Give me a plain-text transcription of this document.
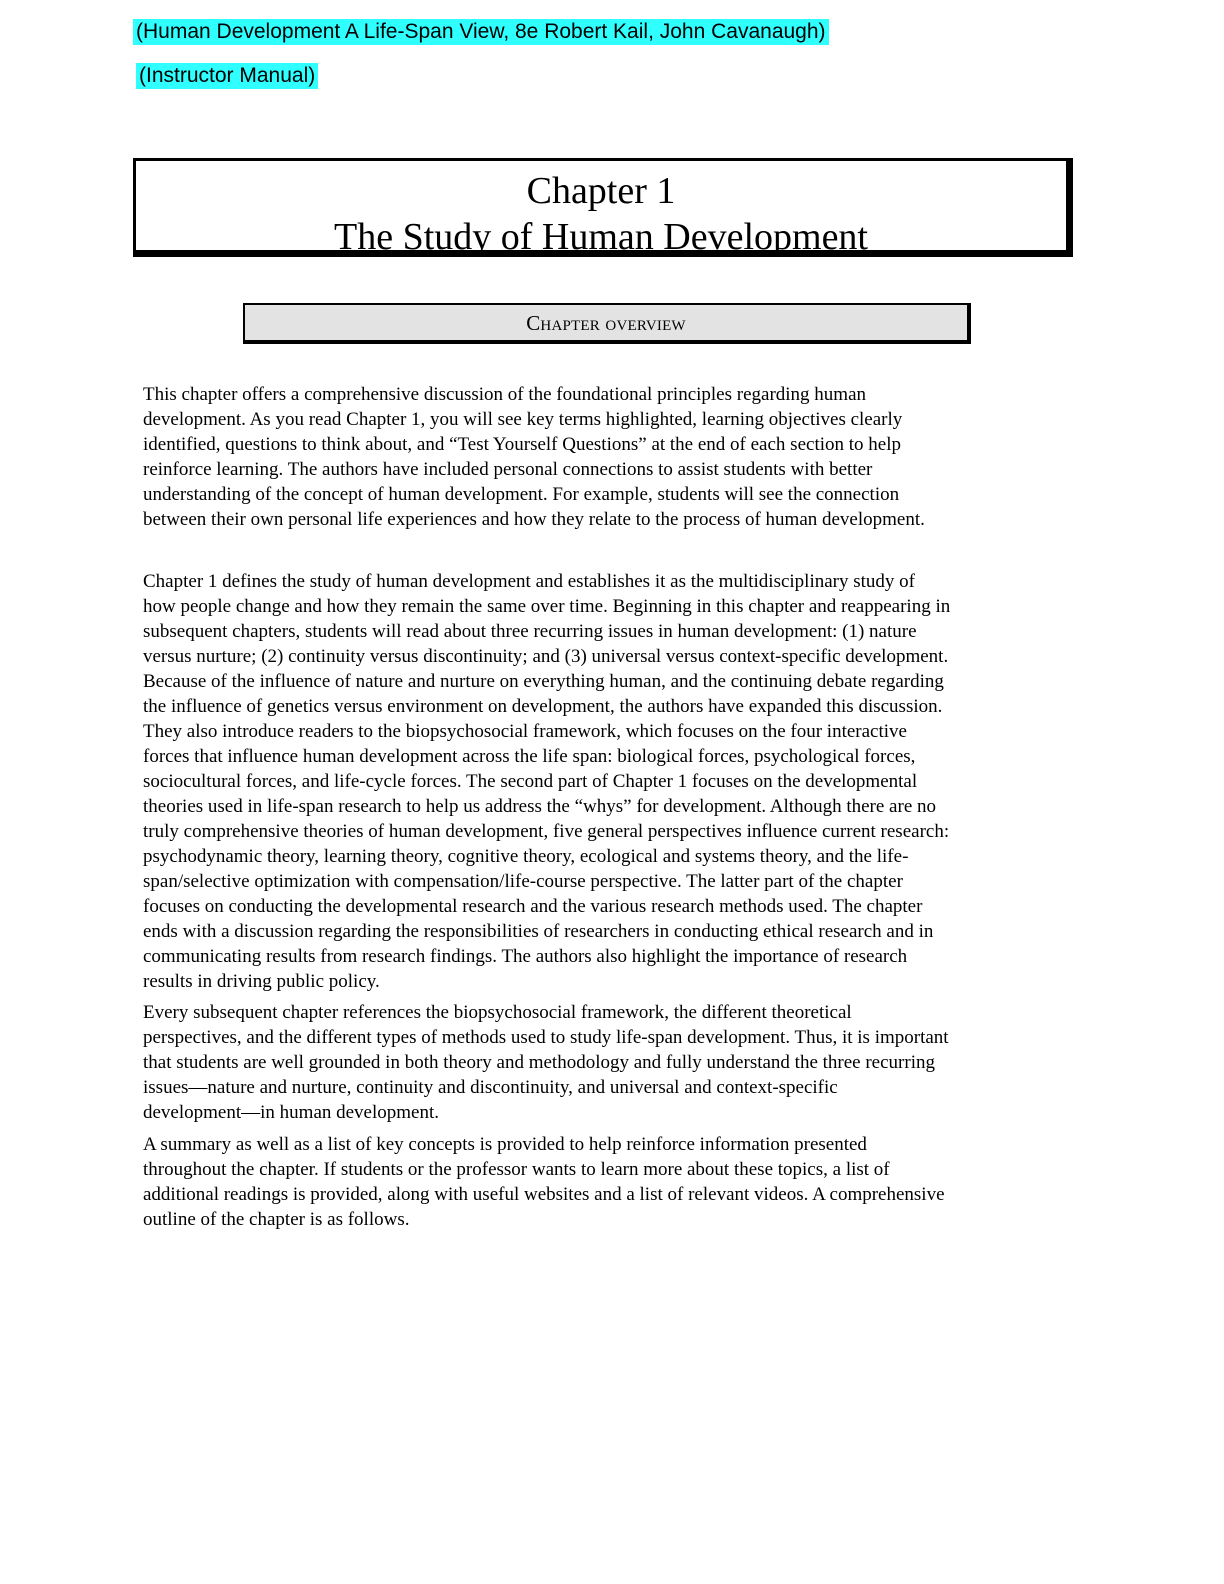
(Human Development A Life-Span View, 8e Robert Kail, John Cavanaugh)
(Instructor Manual)
Chapter 1
The Study of Human Development
Chapter overview
This chapter offers a comprehensive discussion of the foundational principles regarding human
development. As you read Chapter 1, you will see key terms highlighted, learning objectives clearly
identified, questions to think about, and “Test Yourself Questions” at the end of each section to help
reinforce learning. The authors have included personal connections to assist students with better
understanding of the concept of human development. For example, students will see the connection
between their own personal life experiences and how they relate to the process of human development.
Chapter 1 defines the study of human development and establishes it as the multidisciplinary study of
how people change and how they remain the same over time. Beginning in this chapter and reappearing in
subsequent chapters, students will read about three recurring issues in human development: (1) nature
versus nurture; (2) continuity versus discontinuity; and (3) universal versus context-specific development.
Because of the influence of nature and nurture on everything human, and the continuing debate regarding
the influence of genetics versus environment on development, the authors have expanded this discussion.
They also introduce readers to the biopsychosocial framework, which focuses on the four interactive
forces that influence human development across the life span: biological forces, psychological forces,
sociocultural forces, and life-cycle forces. The second part of Chapter 1 focuses on the developmental
theories used in life-span research to help us address the “whys” for development. Although there are no
truly comprehensive theories of human development, five general perspectives influence current research:
psychodynamic theory, learning theory, cognitive theory, ecological and systems theory, and the life-
span/selective optimization with compensation/life-course perspective. The latter part of the chapter
focuses on conducting the developmental research and the various research methods used. The chapter
ends with a discussion regarding the responsibilities of researchers in conducting ethical research and in
communicating results from research findings. The authors also highlight the importance of research
results in driving public policy.
Every subsequent chapter references the biopsychosocial framework, the different theoretical
perspectives, and the different types of methods used to study life-span development. Thus, it is important
that students are well grounded in both theory and methodology and fully understand the three recurring
issues—nature and nurture, continuity and discontinuity, and universal and context-specific
development—in human development.
A summary as well as a list of key concepts is provided to help reinforce information presented
throughout the chapter. If students or the professor wants to learn more about these topics, a list of
additional readings is provided, along with useful websites and a list of relevant videos. A comprehensive
outline of the chapter is as follows.
